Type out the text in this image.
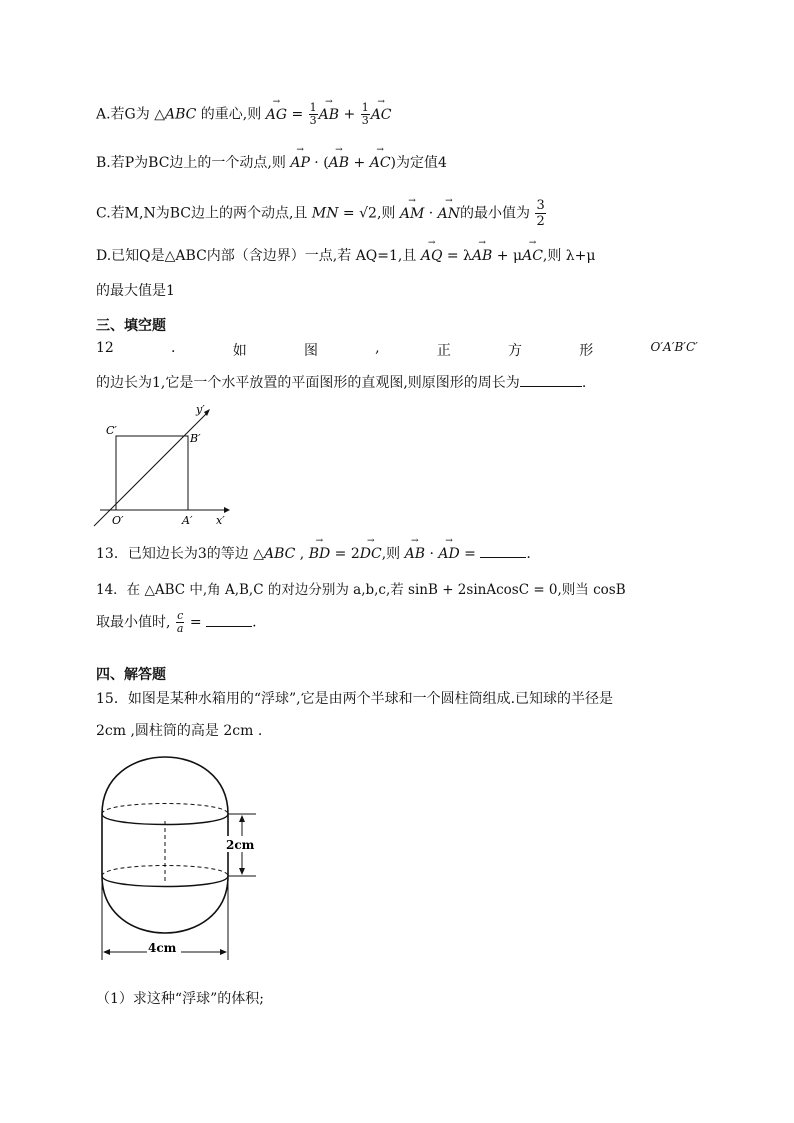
A.若G为 △ABC 的重心,则 → AG = $\frac{1}{3}$ → AB + $\frac{1}{3}$ → AC
B.若P为BC边上的一个动点,则 → AP · (→ AB + → AC)为定值4
C.若M,N为BC边上的两个动点,且 MN = √2,则 → AM · → AN的最小值为 $\frac{3}{2}$
D.已知Q是△ABC内部（含边界）一点,若 AQ=1,且 → AQ = λ→ AB + μ→ AC,则 λ+μ
的最大值是1
三、填空题
12	.	如	图	,	正	方	形	O′A′B′C′
的边长为1,它是一个水平放置的平面图形的直观图,则原图形的周长为	.
C′
B′
O′	A′ x′
y′
13．已知边长为3的等边 △ABC , → BD = 2→ DC,则 → AB · → AD =	.
14．在 △ABC 中,角 A,B,C 的对边分别为 a,b,c,若 sinB + 2sinAcosC = 0,则当 cosB
取最小值时, $\frac{c}{a}$ =	.
四、解答题
15．如图是某种水箱用的“浮球”,它是由两个半球和一个圆柱筒组成.已知球的半径是
2cm ,圆柱筒的高是 2cm .
2cm
4cm
（1）求这种“浮球”的体积;
